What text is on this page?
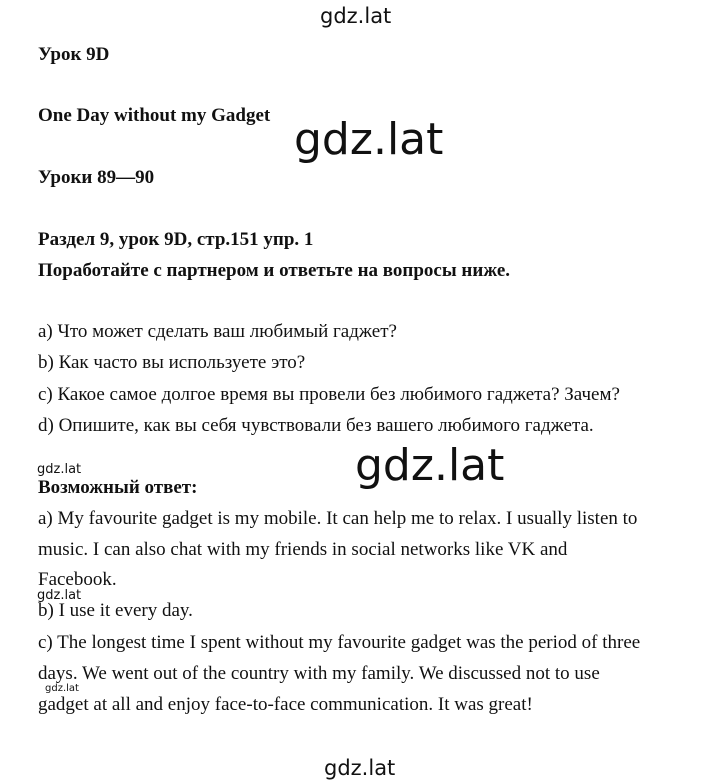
gdz.lat
gdz.lat
gdz.lat
gdz.lat
gdz.lat
gdz.lat
gdz.lat
Урок 9D
One Day without my Gadget
Уроки 89—90
Раздел 9, урок 9D, стр.151 упр. 1
Поработайте с партнером и ответьте на вопросы ниже.
a) Что может сделать ваш любимый гаджет?
b) Как часто вы используете это?
c) Какое самое долгое время вы провели без любимого гаджета? Зачем?
d) Опишите, как вы себя чувствовали без вашего любимого гаджета.
Возможный ответ:
a) My favourite gadget is my mobile. It can help me to relax. I usually listen to
music. I can also chat with my friends in social networks like VK and
Facebook.
b) I use it every day.
c) The longest time I spent without my favourite gadget was the period of three
days. We went out of the country with my family. We discussed not to use
gadget at all and enjoy face-to-face communication. It was great!
